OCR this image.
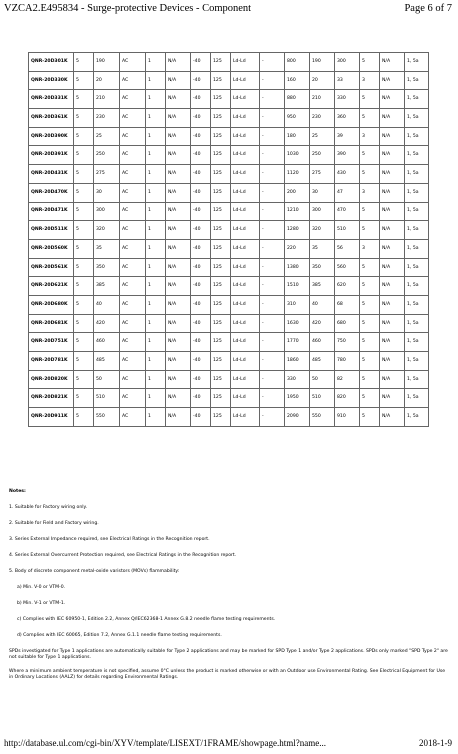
VZCA2.E495834 - Surge-protective Devices - Component	Page 6 of 7
QNR-20D301K	5	190	AC	1	N/A	-40	125	Ld-Ld	-	800	190	300	5	N/A	1, 5a
QNR-20D330K	5	20	AC	1	N/A	-40	125	Ld-Ld	-	160	20	33	3	N/A	1, 5a
QNR-20D331K	5	210	AC	1	N/A	-40	125	Ld-Ld	-	880	210	330	5	N/A	1, 5a
QNR-20D361K	5	230	AC	1	N/A	-40	125	Ld-Ld	-	950	230	360	5	N/A	1, 5a
QNR-20D390K	5	25	AC	1	N/A	-40	125	Ld-Ld	-	180	25	39	3	N/A	1, 5a
QNR-20D391K	5	250	AC	1	N/A	-40	125	Ld-Ld	-	1030	250	390	5	N/A	1, 5a
QNR-20D431K	5	275	AC	1	N/A	-40	125	Ld-Ld	-	1120	275	430	5	N/A	1, 5a
QNR-20D470K	5	30	AC	1	N/A	-40	125	Ld-Ld	-	200	30	47	3	N/A	1, 5a
QNR-20D471K	5	300	AC	1	N/A	-40	125	Ld-Ld	-	1210	300	470	5	N/A	1, 5a
QNR-20D511K	5	320	AC	1	N/A	-40	125	Ld-Ld	-	1280	320	510	5	N/A	1, 5a
QNR-20D560K	5	35	AC	1	N/A	-40	125	Ld-Ld	-	220	35	56	3	N/A	1, 5a
QNR-20D561K	5	350	AC	1	N/A	-40	125	Ld-Ld	-	1380	350	560	5	N/A	1, 5a
QNR-20D621K	5	385	AC	1	N/A	-40	125	Ld-Ld	-	1510	385	620	5	N/A	1, 5a
QNR-20D680K	5	40	AC	1	N/A	-40	125	Ld-Ld	-	310	40	68	5	N/A	1, 5a
QNR-20D681K	5	420	AC	1	N/A	-40	125	Ld-Ld	-	1630	420	680	5	N/A	1, 5a
QNR-20D751K	5	460	AC	1	N/A	-40	125	Ld-Ld	-	1770	460	750	5	N/A	1, 5a
QNR-20D781K	5	485	AC	1	N/A	-40	125	Ld-Ld	-	1860	485	780	5	N/A	1, 5a
QNR-20D820K	5	50	AC	1	N/A	-40	125	Ld-Ld	-	330	50	82	5	N/A	1, 5a
QNR-20D821K	5	510	AC	1	N/A	-40	125	Ld-Ld	-	1950	510	820	5	N/A	1, 5a
QNR-20D911K	5	550	AC	1	N/A	-40	125	Ld-Ld	-	2090	550	910	5	N/A	1, 5a
Notes:
1. Suitable for Factory wiring only.
2. Suitable for Field and Factory wiring.
3. Series External Impedance required, see Electrical Ratings in the Recognition report.
4. Series External Overcurrent Protection required, see Electrical Ratings in the Recognition report.
5. Body of discrete component metal-oxide varistors (MOVs) flammability:
a) Min. V-0 or VTM-0.
b) Min. V-1 or VTM-1.
c) Complies with IEC 60950-1, Edition 2.2, Annex Q/IEC62368-1 Annex G.8.2 needle flame testing requirements.
d) Complies with IEC 60065, Edition 7.2, Annex G.1.1 needle flame testing requirements.
SPDs investigated for Type 1 applications are automatically suitable for Type 2 applications and may be marked for SPD Type 1 and/or Type 2 applications. SPDs only marked "SPD Type 2" are not suitable for Type 1 applications.
Where a minimum ambient temperature is not specified, assume 0°C unless the product is marked otherwise or with an Outdoor use Environmental Rating. See Electrical Equipment for Use in Ordinary Locations (AALZ) for details regarding Environmental Ratings.
http://database.ul.com/cgi-bin/XYV/template/LISEXT/1FRAME/showpage.html?name...	2018-1-9
